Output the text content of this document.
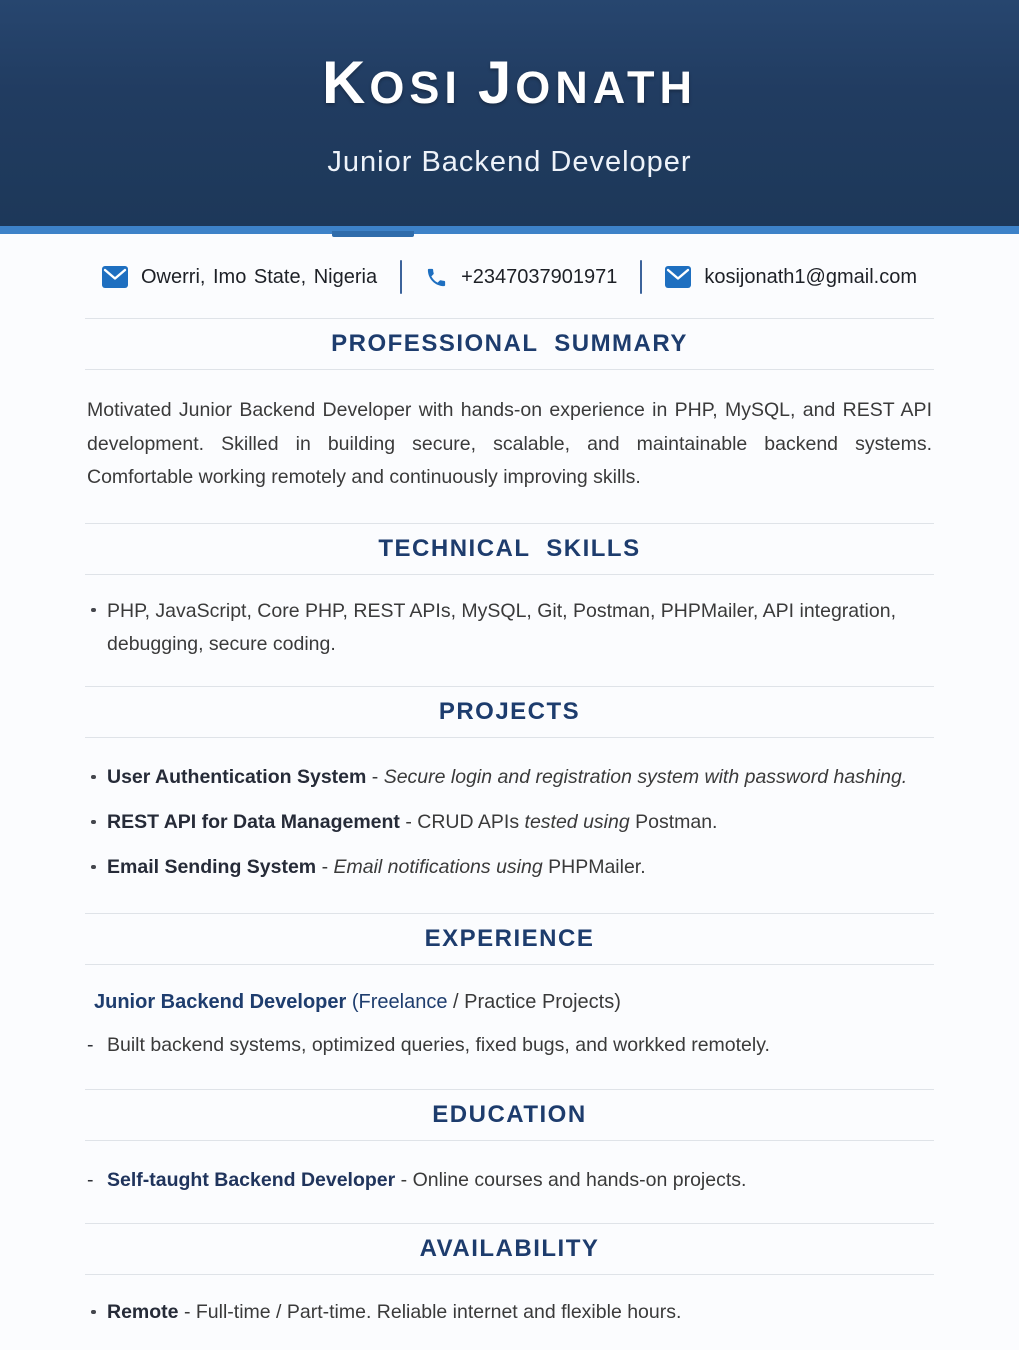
KOSI JONATH
Junior Backend Developer
Owerri, Imo State, Nigeria	+2347037901971	kosijonath1@gmail.com
PROFESSIONAL SUMMARY

Motivated Junior Backend Developer with hands-on experience in PHP, MySQL, and REST API development. Skilled in building secure, scalable, and maintainable backend systems. Comfortable working remotely and continuously improving skills.

TECHNICAL SKILLS
PHP, JavaScript, Core PHP, REST APIs, MySQL, Git, Postman, PHPMailer, API integration, debugging, secure coding.
PROJECTS
User Authentication System - Secure login and registration system with password hashing.
REST API for Data Management - CRUD APIs tested using Postman.
Email Sending System - Email notifications using PHPMailer.
EXPERIENCE
Junior Backend Developer (Freelance / Practice Projects)
- Built backend systems, optimized queries, fixed bugs, and workked remotely.
EDUCATION
- Self-taught Backend Developer - Online courses and hands-on projects.
AVAILABILITY
Remote - Full-time / Part-time. Reliable internet and flexible hours.
